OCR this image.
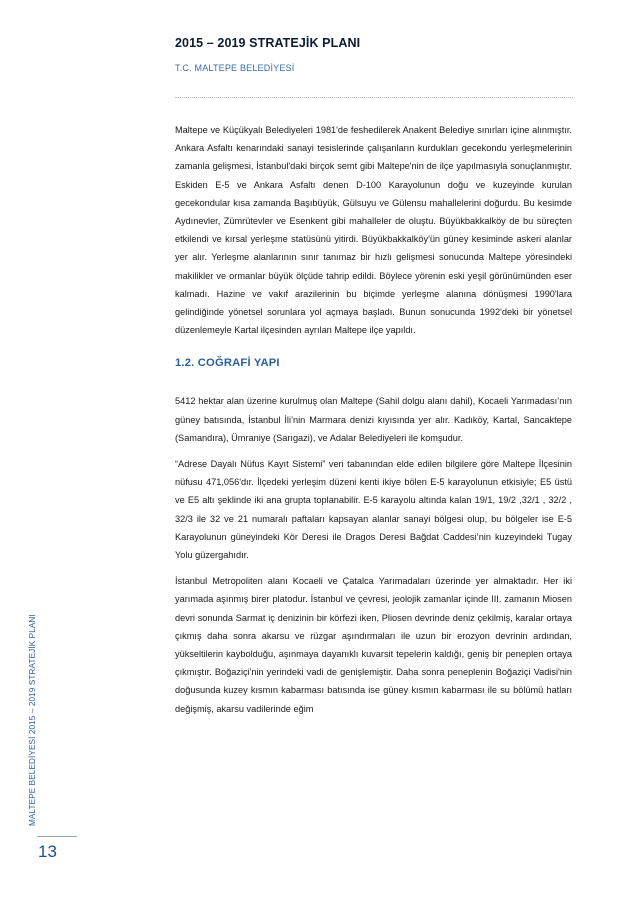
2015 – 2019 STRATEJİK PLANI
T.C. MALTEPE BELEDİYESİ

Maltepe ve Küçükyalı Belediyeleri 1981'de feshedilerek Anakent Belediye sınırları içine alınmıştır. Ankara Asfaltı kenarındaki sanayi tesislerinde çalışanların kurdukları gecekondu yerleşmelerinin zamanla gelişmesi, İstanbul'daki birçok semt gibi Maltepe'nin de ilçe yapılmasıyla sonuçlanmıştır. Eskiden E-5 ve Ankara Asfaltı denen D-100 Karayolunun doğu ve kuzeyinde kurulan gecekondular kısa zamanda Başıbüyük, Gülsuyu ve Gülensu mahallelerini doğurdu. Bu kesimde Aydınevler, Zümrütevler ve Esenkent gibi mahalleler de oluştu. Büyükbakkalköy de bu süreçten etkilendi ve kırsal yerleşme statüsünü yitirdi. Büyükbakkalköy'ün güney kesiminde askeri alanlar yer alır. Yerleşme alanlarının sınır tanımaz bir hızlı gelişmesi sonucunda Maltepe yöresindeki makilikler ve ormanlar büyük ölçüde tahrip edildi. Böylece yörenin eski yeşil görünümünden eser kalmadı. Hazine ve vakıf arazilerinin bu biçimde yerleşme alanına dönüşmesi 1990'lara gelindiğinde yönetsel sorunlara yol açmaya başladı. Bunun sonucunda 1992'deki bir yönetsel düzenlemeyle Kartal ilçesinden ayrılan Maltepe ilçe yapıldı.

1.2. COĞRAFİ YAPI

5412 hektar alan üzerine kurulmuş olan Maltepe (Sahil dolgu alanı dahil), Kocaeli Yarımadası’nın güney batısında, İstanbul İli’nin Marmara denizi kıyısında yer alır. Kadıköy, Kartal, Sancaktepe (Samandıra), Ümraniye (Sarıgazi), ve Adalar Belediyeleri ile komşudur.

“Adrese Dayalı Nüfus Kayıt Sistemi” veri tabanından elde edilen bilgilere göre Maltepe İlçesinin nüfusu 471,056'dır. İlçedeki yerleşim düzeni kenti ikiye bölen E-5 karayolunun etkisiyle; E5 üstü ve E5 altı şeklinde iki ana grupta toplanabilir. E-5 karayolu altında kalan 19/1, 19/2 ,32/1 , 32/2 , 32/3 ile 32 ve 21 numaralı paftaları kapsayan alanlar sanayi bölgesi olup, bu bölgeler ise E-5 Karayolunun güneyindeki Kör Deresi ile Dragos Deresi Bağdat Caddesi’nin kuzeyindeki Tugay Yolu güzergahıdır.

İstanbul Metropoliten alanı Kocaeli ve Çatalca Yarımadaları üzerinde yer almaktadır. Her iki yarımada aşınmış birer platodur. İstanbul ve çevresi, jeolojik zamanlar içinde III. zamanın Miosen devri sonunda Sarmat iç denizinin bir körfezi iken, Pliosen devrinde deniz çekilmiş, karalar ortaya çıkmış daha sonra akarsu ve rüzgar aşındırmaları ile uzun bir erozyon devrinin ardından, yükseltilerin kaybolduğu, aşınmaya dayanıklı kuvarsit tepelerin kaldığı, geniş bir peneplen ortaya çıkmıştır. Boğaziçi'nin yerindeki vadi de genişlemiştir. Daha sonra peneplenin Boğaziçi Vadisi'nin doğusunda kuzey kısmın kabarması batısında ise güney kısmın kabarması ile su bölümü hatları değişmiş, akarsu vadilerinde eğim

MALTEPE BELEDİYESİ 2015 – 2019 STRATEJİK PLANI
13
